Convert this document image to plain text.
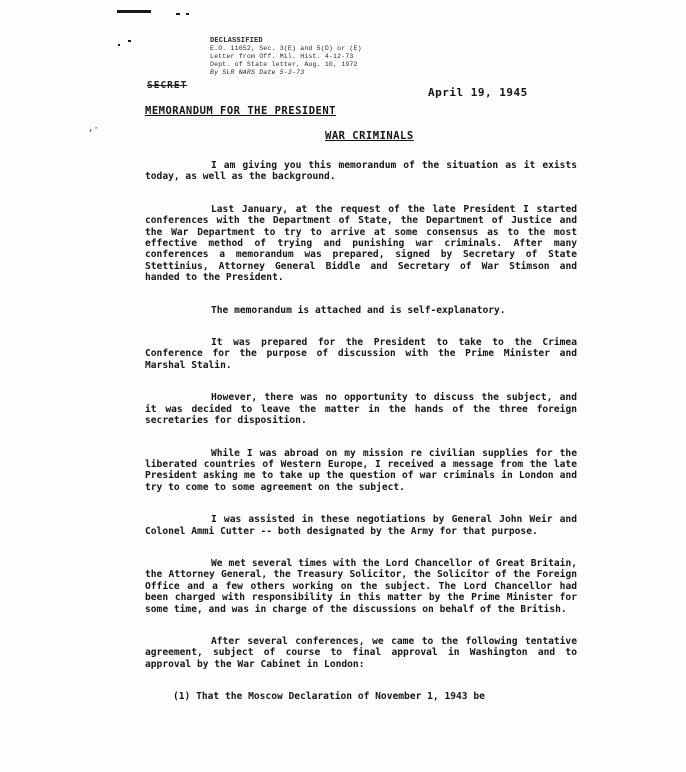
DECLASSIFIED
E.O. 11652, Sec. 3(E) and 5(D) or (E)
Letter from Off. Mil. Hist. 4-12-73
Dept. of State letter, Aug. 10, 1972
By SLR NARS Date 5-3-73
SECRET
April 19, 1945
MEMORANDUM FOR THE PRESIDENT
,·
WAR CRIMINALS

I am giving you this memorandum of the situation as it exists today, as well as the background.

Last January, at the request of the late President I started conferences with the Department of State, the Department of Justice and the War Department to try to arrive at some consensus as to the most effective method of trying and punishing war criminals. After many conferences a memorandum was prepared, signed by Secretary of State Stettinius, Attorney General Biddle and Secretary of War Stimson and handed to the President.

The memorandum is attached and is self-explanatory.

It was prepared for the President to take to the Crimea Conference for the purpose of discussion with the Prime Minister and Marshal Stalin.

However, there was no opportunity to discuss the subject, and it was decided to leave the matter in the hands of the three foreign secretaries for disposition.

While I was abroad on my mission re civilian supplies for the liberated countries of Western Europe, I received a message from the late President asking me to take up the question of war criminals in London and try to come to some agreement on the subject.

I was assisted in these negotiations by General John Weir and Colonel Ammi Cutter -- both designated by the Army for that purpose.

We met several times with the Lord Chancellor of Great Britain, the Attorney General, the Treasury Solicitor, the Solicitor of the Foreign Office and a few others working on the subject. The Lord Chancellor had been charged with responsibility in this matter by the Prime Minister for some time, and was in charge of the discussions on behalf of the British.

After several conferences, we came to the following tentative agreement, subject of course to final approval in Washington and to approval by the War Cabinet in London:

(1) That the Moscow Declaration of November 1, 1943 be
